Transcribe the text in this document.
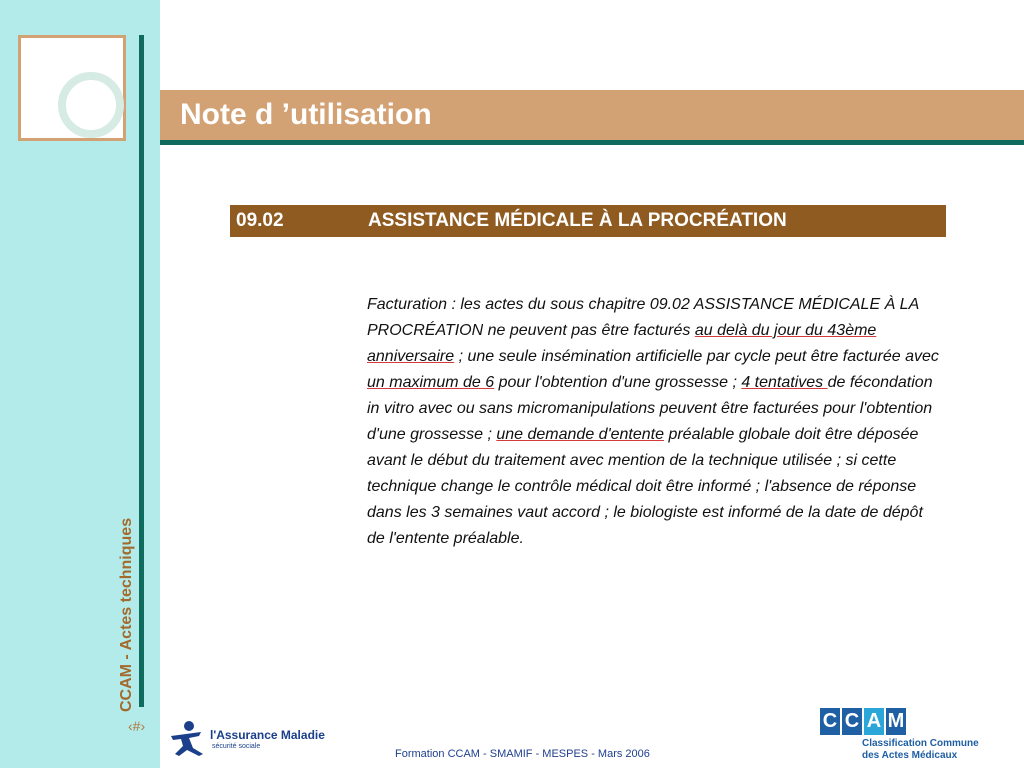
CCAM - Actes techniques
‹#›
l'Assurance Maladie
sécurité sociale
Note d ’utilisation
09.02	ASSISTANCE MÉDICALE À LA PROCRÉATION
Facturation : les actes du sous chapitre 09.02 ASSISTANCE MÉDICALE À LA PROCRÉATION ne peuvent pas être facturés au delà du jour du 43ème anniversaire ; une seule insémination artificielle par cycle peut être facturée avec un maximum de 6 pour l'obtention d'une grossesse ; 4 tentatives de fécondation in vitro avec ou sans micromanipulations peuvent être facturées pour l'obtention d'une grossesse ; une demande d'entente préalable globale doit être déposée avant le début du traitement avec mention de la technique utilisée ; si cette technique change le contrôle médical doit être informé ; l'absence de réponse dans les 3 semaines vaut accord ; le biologiste est informé de la date de dépôt de l'entente préalable.
Formation CCAM - SMAMIF - MESPES - Mars 2006
C C A M
Classification Commune
des Actes Médicaux
